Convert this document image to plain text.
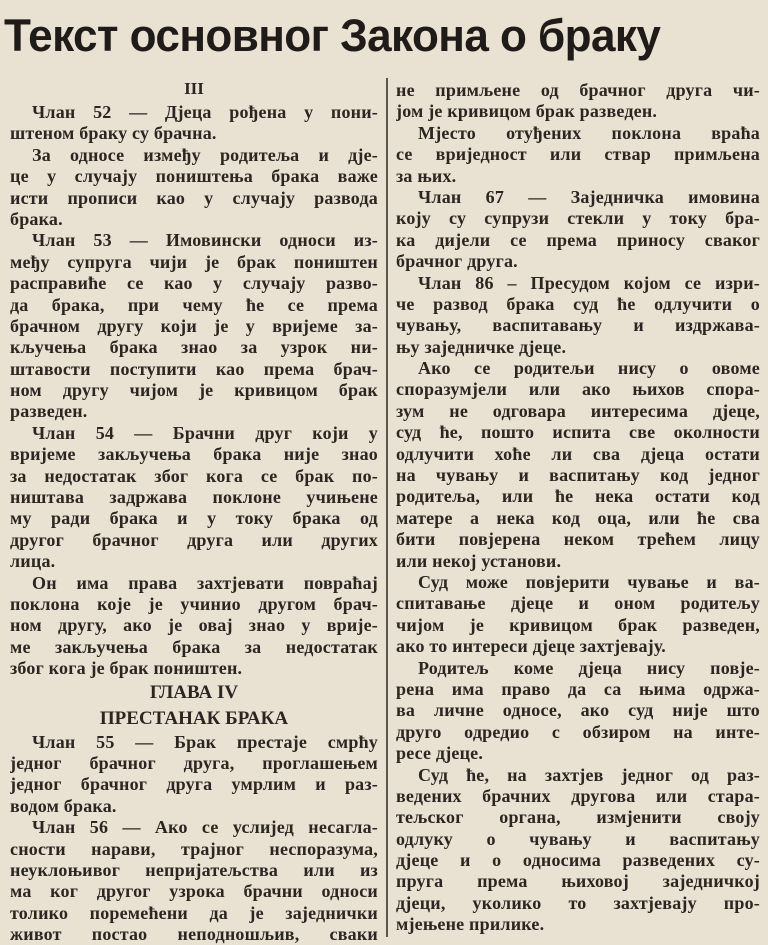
Текст основног Закона о браку
III
Члан 52 — Дјеца рођена у пони-
штеном браку су брачна.
За односе између родитеља и дје-
це у случају поништења брака важе
исти прописи као у случају развода
брака.
Члан 53 — Имовински односи из-
међу супруга чији је брак поништен
расправиће се као у случају разво-
да брака, при чему ће се према
брачном другу који је у вријеме за-
кључења брака знао за узрок ни-
штавости поступити као према брач-
ном другу чијом је кривицом брак
разведен.
Члан 54 — Брачни друг који у
вријеме закључења брака није знао
за недостатак због кога се брак по-
ништава задржава поклоне учињене
му ради брака и у току брака од
другог брачног друга или других
лица.
Он има права захтјевати повраћај
поклона које је учинио другом брач-
ном другу, ако је овај знао у врије-
ме закључења брака за недостатак
због кога је брак поништен.
ГЛАВА IV
ПРЕСТАНАК БРАКА
Члан 55 — Брак престаје смрћу
једног брачног друга, проглашењем
једног брачног друга умрлим и раз-
водом брака.
Члан 56 — Ако се услијед несагла-
сности нарави, трајног неспоразума,
неуклоњивог непријатељства или из
ма ког другог узрока брачни односи
толико поремећени да је заједнички
живот постао неподношљив, сваки
не примљене од брачног друга чи-
јом је кривицом брак разведен.
Мјесто отуђених поклона враћа
се вриједност или ствар примљена
за њих.
Члан 67 — Заједничка имовина
коју су супрузи стекли у току бра-
ка дијели се према приносу сваког
брачног друга.
Члан 86 – Пресудом којом се изри-
че развод брака суд ће одлучити о
чувању, васпитавању и издржава-
њу заједничке дјеце.
Ако се родитељи нису о овоме
споразумјели или ако њихов спора-
зум не одговара интересима дјеце,
суд ће, пошто испита све околности
одлучити хоће ли сва дјеца остати
на чувању и васпитању код једног
родитеља, или ће нека остати код
матере а нека код оца, или ће сва
бити повјерена неком трећем лицу
или некој установи.
Суд може повјерити чување и ва-
спитавање дјеце и оном родитељу
чијом је кривицом брак разведен,
ако то интереси дјеце захтјевају.
Родитељ коме дјеца нису повје-
рена има право да са њима одржа-
ва личне односе, ако суд није што
друго одредио с обзиром на инте-
ресе дјеце.
Суд ће, на захтјев једног од раз-
ведених брачних другова или стара-
тељског органа, измјенити своју
одлуку о чувању и васпитању
дјеце и о односима разведених су-
пруга према њиховој заједничкој
дјеци, уколико то захтјевају про-
мјењене прилике.
